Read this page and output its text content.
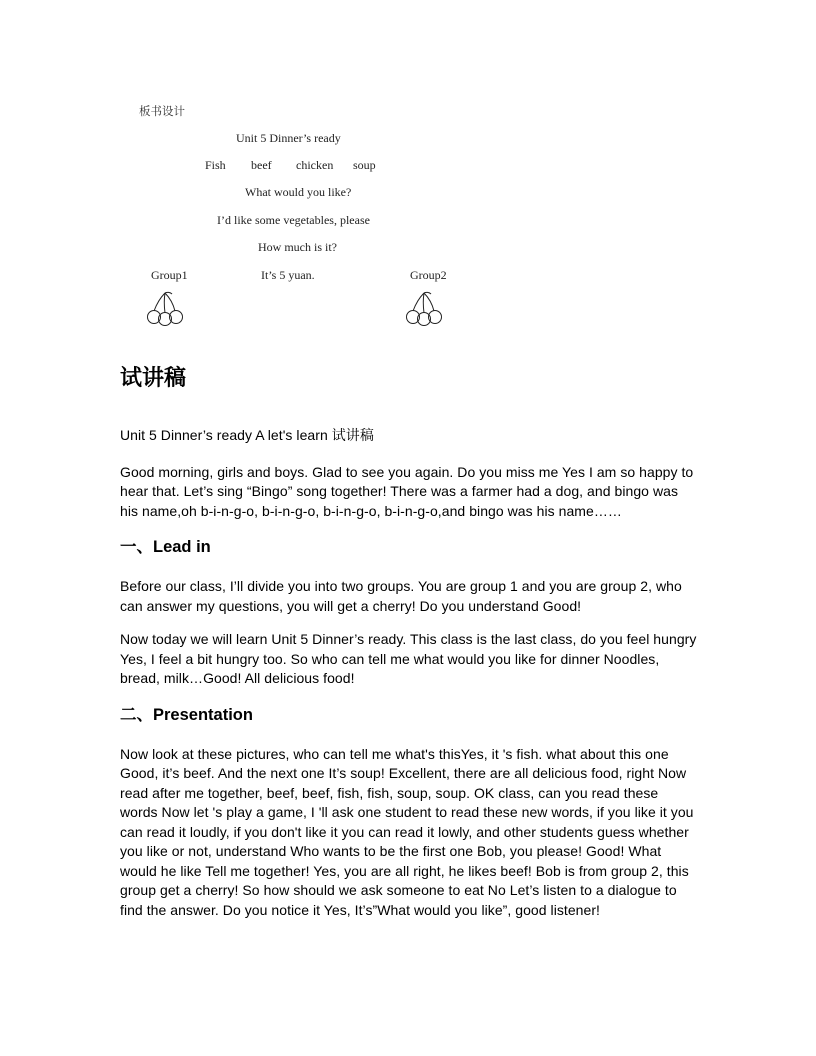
板书设计
Unit 5 Dinner’s ready
Fish beef chicken soup
What would you like?
I’d like some vegetables, please
How much is it?
Group1	It’s 5 yuan.	Group2
试讲稿

Unit 5 Dinner’s ready A let's learn 试讲稿

Good morning, girls and boys. Glad to see you again. Do you miss me Yes I am so happy to hear that. Let’s sing “Bingo” song together! There was a farmer had a dog, and bingo was his name,oh b-i-n-g-o, b-i-n-g-o, b-i-n-g-o, b-i-n-g-o,and bingo was his name……

一、Lead in

Before our class, I’ll divide you into two groups. You are group 1 and you are group 2, who can answer my questions, you will get a cherry! Do you understand Good!

Now today we will learn Unit 5 Dinner’s ready. This class is the last class, do you feel hungry Yes, I feel a bit hungry too. So who can tell me what would you like for dinner Noodles, bread, milk…Good! All delicious food!

二、Presentation

Now look at these pictures, who can tell me what's thisYes, it 's fish. what about this one Good, it’s beef. And the next one It’s soup! Excellent, there are all delicious food, right Now read after me together, beef, beef, fish, fish, soup, soup. OK class, can you read these words Now let 's play a game, I 'll ask one student to read these new words, if you like it you can read it loudly, if you don't like it you can read it lowly, and other students guess whether you like or not, understand Who wants to be the first one Bob, you please! Good! What would he like Tell me together! Yes, you are all right, he likes beef! Bob is from group 2, this group get a cherry! So how should we ask someone to eat No Let’s listen to a dialogue to find the answer. Do you notice it Yes, It’s”What would you like”, good listener!
